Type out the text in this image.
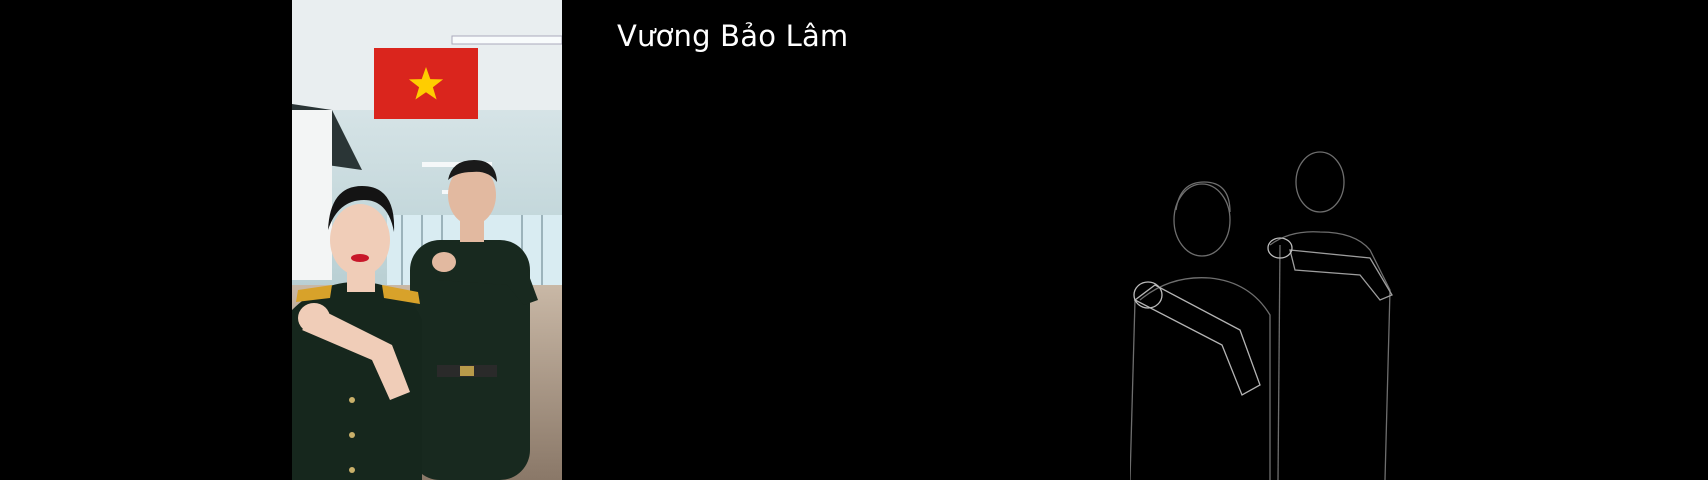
Vương Bảo Lâm
